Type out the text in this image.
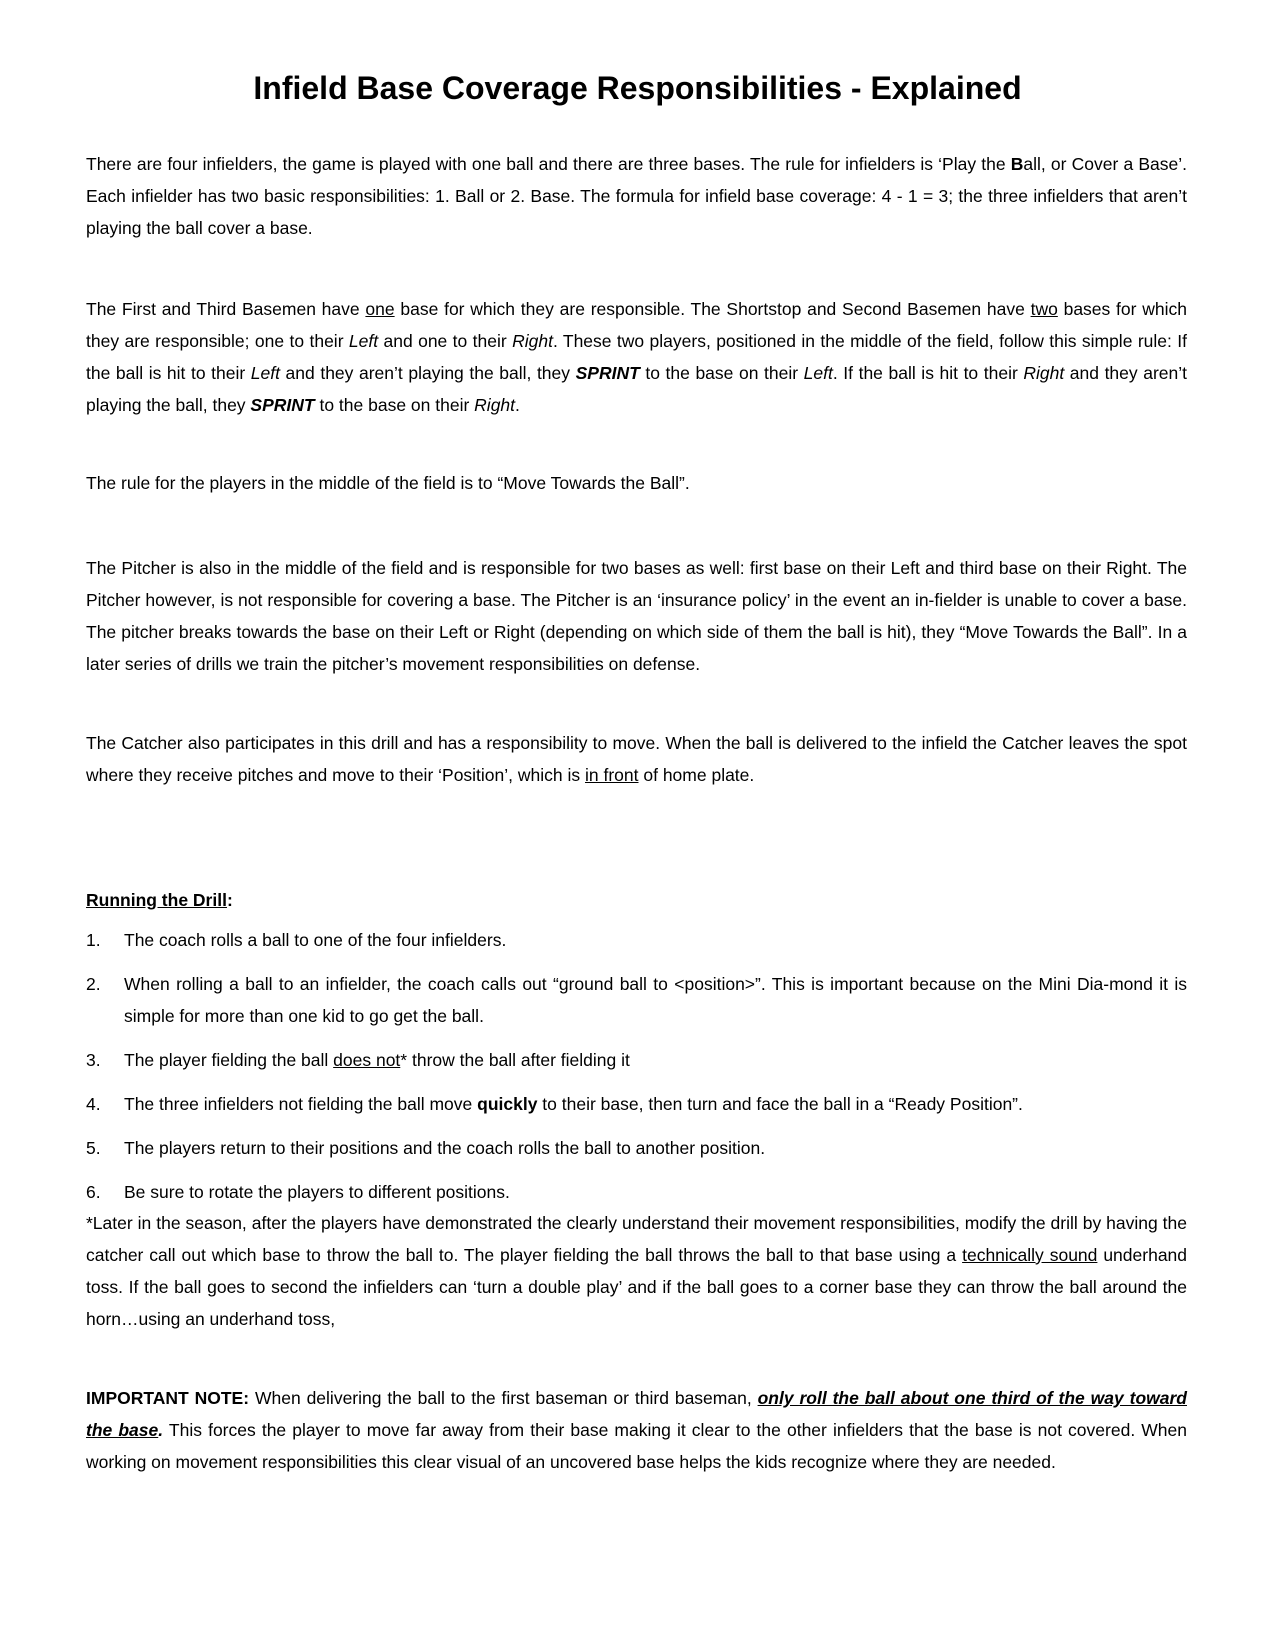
Infield Base Coverage Responsibilities - Explained

There are four infielders, the game is played with one ball and there are three bases. The rule for infielders is ‘Play the Ball, or Cover a Base’. Each infielder has two basic responsibilities: 1. Ball or 2. Base. The formula for infield base coverage: 4 - 1 = 3; the three infielders that aren’t playing the ball cover a base.

The First and Third Basemen have one base for which they are responsible. The Shortstop and Second Basemen have two bases for which they are responsible; one to their Left and one to their Right. These two players, positioned in the middle of the field, follow this simple rule: If the ball is hit to their Left and they aren’t playing the ball, they SPRINT to the base on their Left. If the ball is hit to their Right and they aren’t playing the ball, they SPRINT to the base on their Right.

The rule for the players in the middle of the field is to “Move Towards the Ball”.

The Pitcher is also in the middle of the field and is responsible for two bases as well: first base on their Left and third base on their Right. The Pitcher however, is not responsible for covering a base. The Pitcher is an ‘insurance policy’ in the event an in-fielder is unable to cover a base. The pitcher breaks towards the base on their Left or Right (depending on which side of them the ball is hit), they “Move Towards the Ball”. In a later series of drills we train the pitcher’s movement responsibilities on defense.

The Catcher also participates in this drill and has a responsibility to move. When the ball is delivered to the infield the Catcher leaves the spot where they receive pitches and move to their ‘Position’, which is in front of home plate.

Running the Drill:

1. The coach rolls a ball to one of the four infielders.
2. When rolling a ball to an infielder, the coach calls out “ground ball to <position>”. This is important because on the Mini Dia-mond it is simple for more than one kid to go get the ball.
3. The player fielding the ball does not* throw the ball after fielding it
4. The three infielders not fielding the ball move quickly to their base, then turn and face the ball in a “Ready Position”.
5. The players return to their positions and the coach rolls the ball to another position.
6. Be sure to rotate the players to different positions.

*Later in the season, after the players have demonstrated the clearly understand their movement responsibilities, modify the drill by having the catcher call out which base to throw the ball to. The player fielding the ball throws the ball to that base using a technically sound underhand toss. If the ball goes to second the infielders can ‘turn a double play’ and if the ball goes to a corner base they can throw the ball around the horn…using an underhand toss,

IMPORTANT NOTE: When delivering the ball to the first baseman or third baseman, only roll the ball about one third of the way toward the base. This forces the player to move far away from their base making it clear to the other infielders that the base is not covered. When working on movement responsibilities this clear visual of an uncovered base helps the kids recognize where they are needed.
